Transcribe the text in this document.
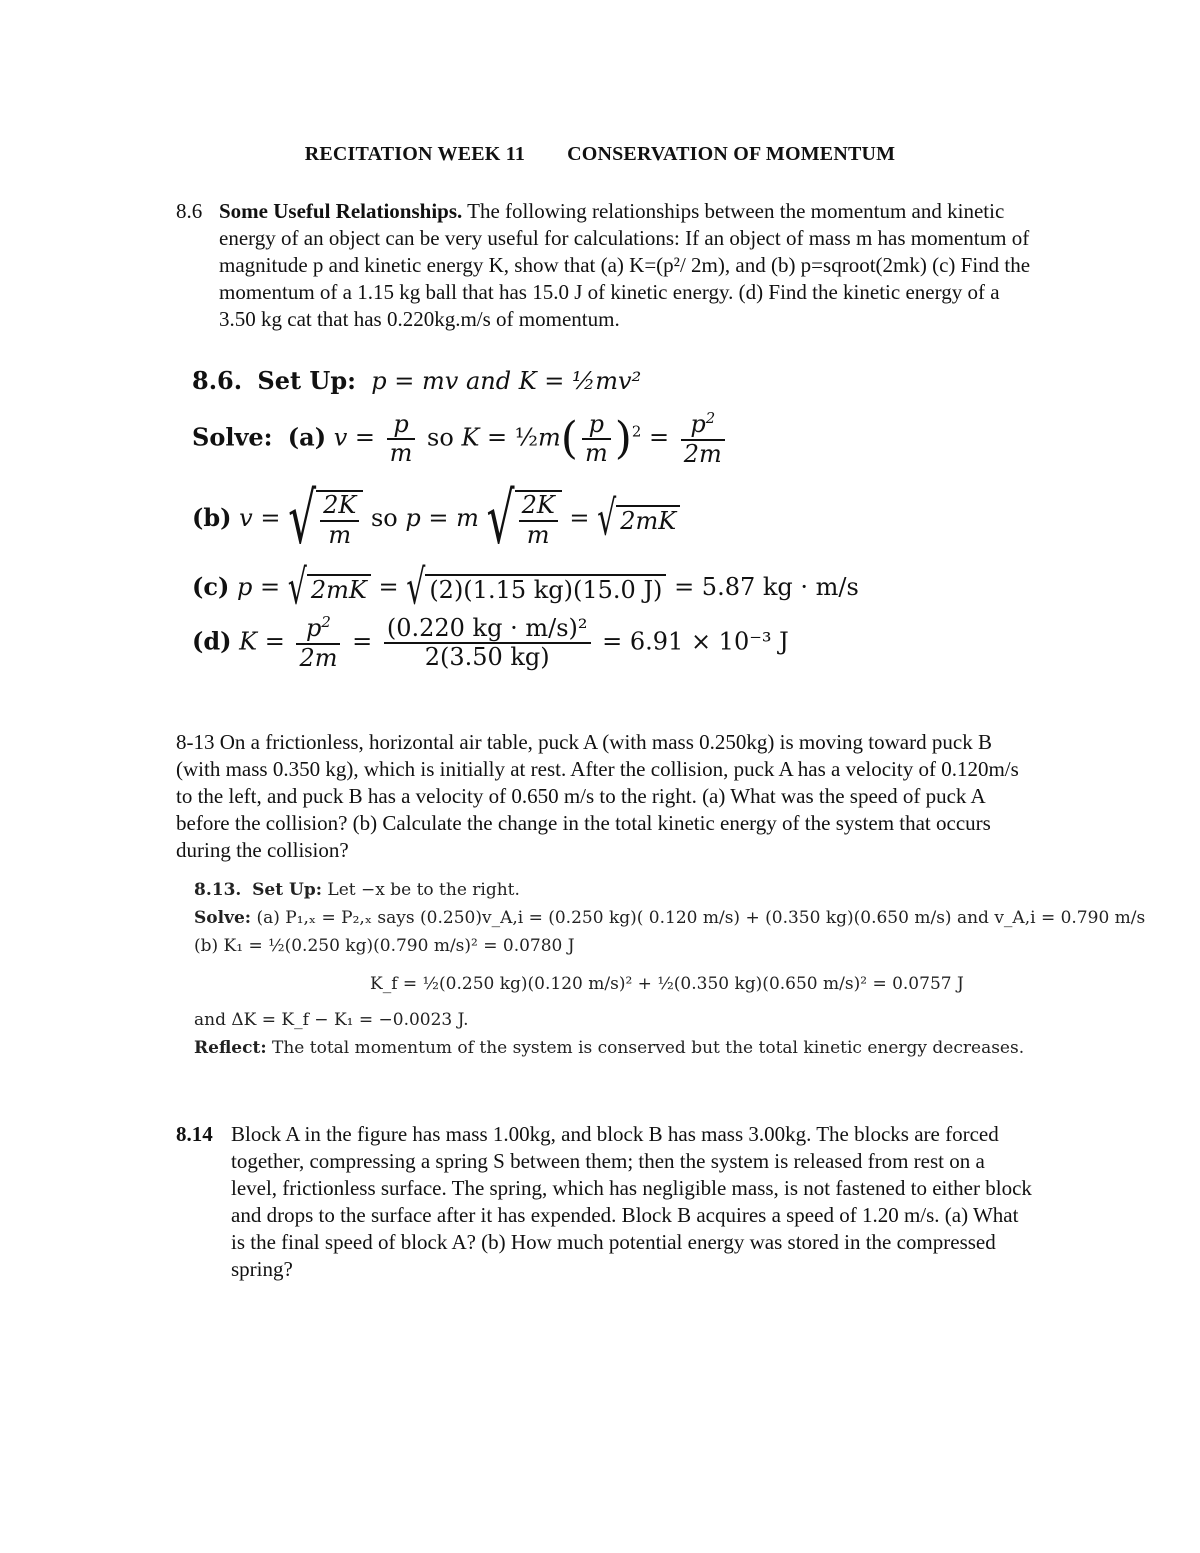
RECITATION WEEK 11 CONSERVATION OF MOMENTUM
8.6 Some Useful Relationships. The following relationships between the momentum and kinetic energy of an object can be very useful for calculations: If an object of mass m has momentum of magnitude p and kinetic energy K, show that (a) K=(p²/ 2m), and (b) p=sqroot(2mk) (c) Find the momentum of a 1.15 kg ball that has 15.0 J of kinetic energy. (d) Find the kinetic energy of a 3.50 kg cat that has 0.220kg.m/s of momentum.
8.6. Set Up: p = mv and K = ½mv²
Solve: (a) $v = \frac{p}{m}$ so K = ½m( $\frac{p}{m} )^2 = \frac{p^2}{2m}$
(b) v = √ $\frac{2K}{m}$ so p = m √ $\frac{2K}{m}$ = √ 2mK
(c) p = √ 2mK = √ (2)(1.15 kg)(15.0 J) = 5.87 kg · m/s
(d) $K = \frac{p^2}{2m} = \frac{\text{(0.220 kg · m/s)²}}{2(3.50 kg)} = 6.91 \times 10^{-3}$ J
8-13 On a frictionless, horizontal air table, puck A (with mass 0.250kg) is moving toward puck B (with mass 0.350 kg), which is initially at rest. After the collision, puck A has a velocity of 0.120m/s to the left, and puck B has a velocity of 0.650 m/s to the right. (a) What was the speed of puck A before the collision? (b) Calculate the change in the total kinetic energy of the system that occurs during the collision?
8.13. Set Up: Let −x be to the right.
Solve: (a) P₁,ₓ = P₂,ₓ says (0.250)v_A,i = (0.250 kg)( 0.120 m/s) + (0.350 kg)(0.650 m/s) and v_A,i = 0.790 m/s
(b) K₁ = ½(0.250 kg)(0.790 m/s)² = 0.0780 J
K_f = ½(0.250 kg)(0.120 m/s)² + ½(0.350 kg)(0.650 m/s)² = 0.0757 J
and ΔK = K_f − K₁ = −0.0023 J.
Reflect: The total momentum of the system is conserved but the total kinetic energy decreases.
8.14 Block A in the figure has mass 1.00kg, and block B has mass 3.00kg. The blocks are forced together, compressing a spring S between them; then the system is released from rest on a level, frictionless surface. The spring, which has negligible mass, is not fastened to either block and drops to the surface after it has expended. Block B acquires a speed of 1.20 m/s. (a) What is the final speed of block A? (b) How much potential energy was stored in the compressed spring?
